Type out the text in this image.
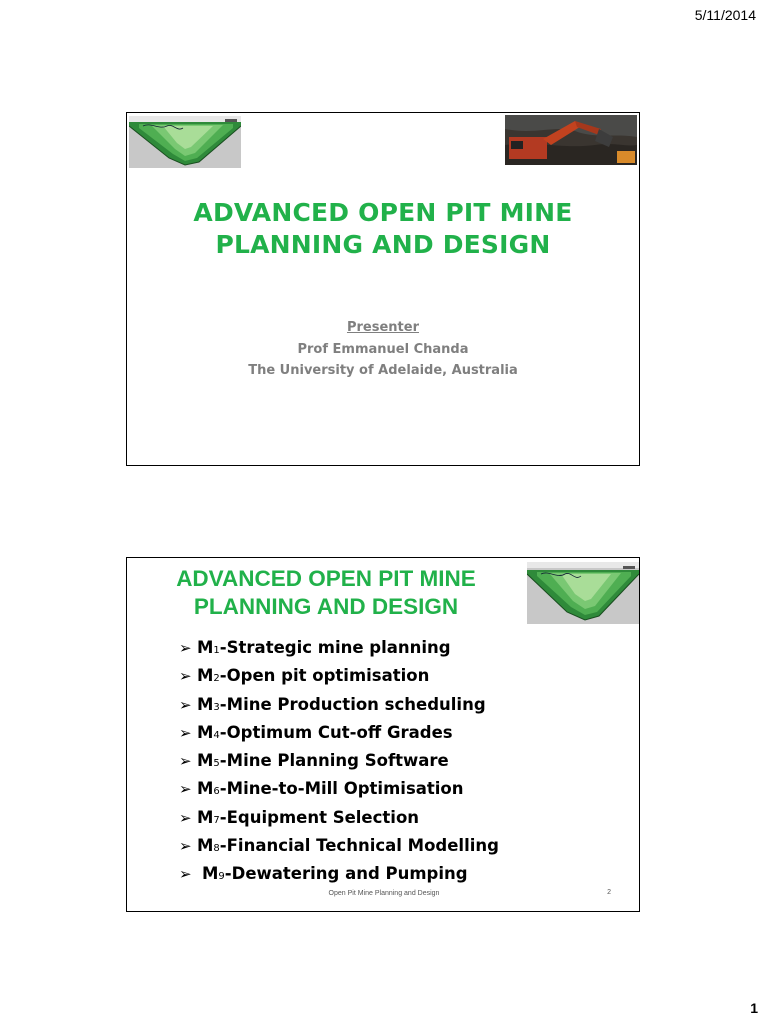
5/11/2014
ADVANCED OPEN PIT MINE
PLANNING AND DESIGN
Presenter
Prof Emmanuel Chanda
The University of Adelaide, Australia
ADVANCED OPEN PIT MINE
PLANNING AND DESIGN
➢ M1-Strategic mine planning
➢ M2-Open pit optimisation
➢ M3-Mine Production scheduling
➢ M4-Optimum Cut-off Grades
➢ M5-Mine Planning Software
➢ M6-Mine-to-Mill Optimisation
➢ M7-Equipment Selection
➢ M8-Financial Technical Modelling
➢ M9-Dewatering and Pumping
Open Pit Mine Planning and Design	2
1
